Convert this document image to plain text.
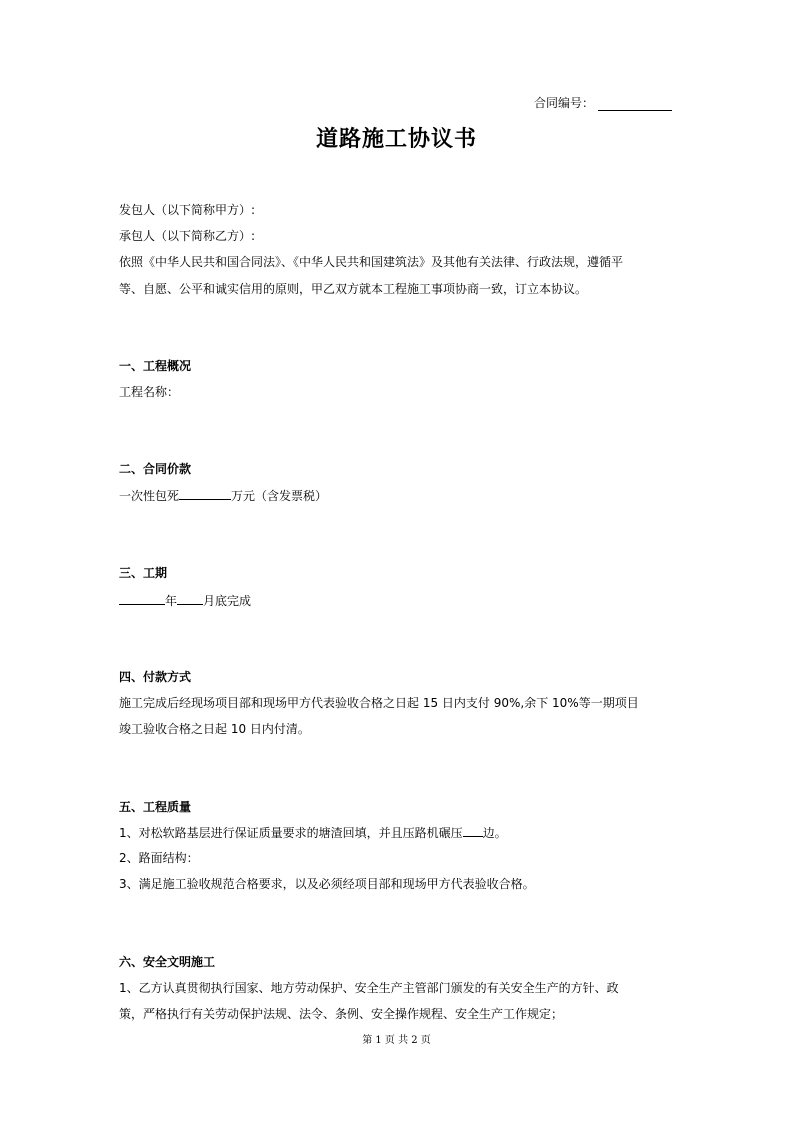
合同编号：
道路施工协议书
发包人（以下简称甲方）:
承包人（以下简称乙方）:
依照《中华人民共和国合同法》、《中华人民共和国建筑法》及其他有关法律、行政法规，遵循平
等、自愿、公平和诚实信用的原则，甲乙双方就本工程施工事项协商一致，订立本协议。
一、工程概况
工程名称：
二、合同价款
一次性包死	万元（含发票税）
三、工期
年 月底完成
四、付款方式
施工完成后经现场项目部和现场甲方代表验收合格之日起 15 日内支付 90%,余下 10%等一期项目
竣工验收合格之日起 10 日内付清。
五、工程质量
1、对松软路基层进行保证质量要求的塘渣回填，并且压路机碾压 边。
2、路面结构：
3、满足施工验收规范合格要求，以及必须经项目部和现场甲方代表验收合格。
六、安全文明施工
1、乙方认真贯彻执行国家、地方劳动保护、安全生产主管部门颁发的有关安全生产的方针、政
策，严格执行有关劳动保护法规、法令、条例、安全操作规程、安全生产工作规定；
第 1 页 共 2 页
